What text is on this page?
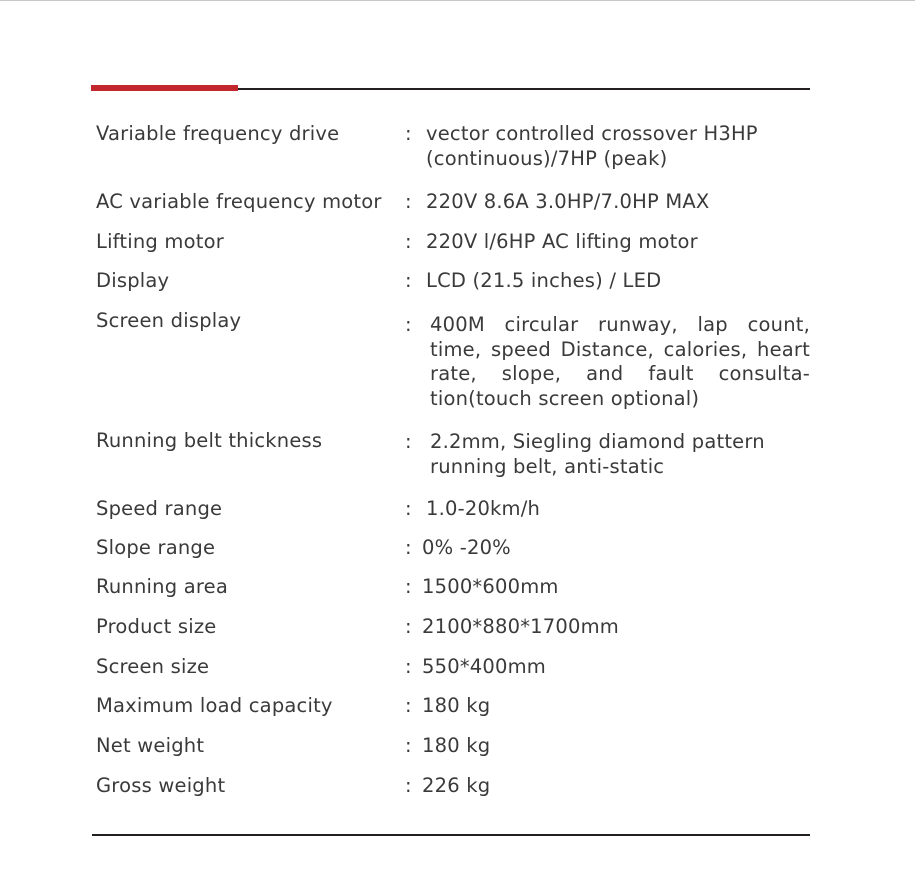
Variable frequency drive	: vector controlled crossover H3HP (continuous)/7HP (peak)
AC variable frequency motor : 220V 8.6A 3.0HP/7.0HP MAX
Lifting motor	: 220V l/6HP AC lifting motor
Display	: LCD (21.5 inches) / LED
Screen display	: 400M circular runway, lap count, time, speed Distance, calories, heart rate, slope, and fault consulta-tion(touch screen optional)
Running belt thickness	: 2.2mm, Siegling diamond pattern running belt, anti-static
Speed range	: 1.0-20km/h
Slope range	: 0% -20%
Running area	: 1500*600mm
Product size	: 2100*880*1700mm
Screen size	: 550*400mm
Maximum load capacity	: 180 kg
Net weight	: 180 kg
Gross weight	: 226 kg
